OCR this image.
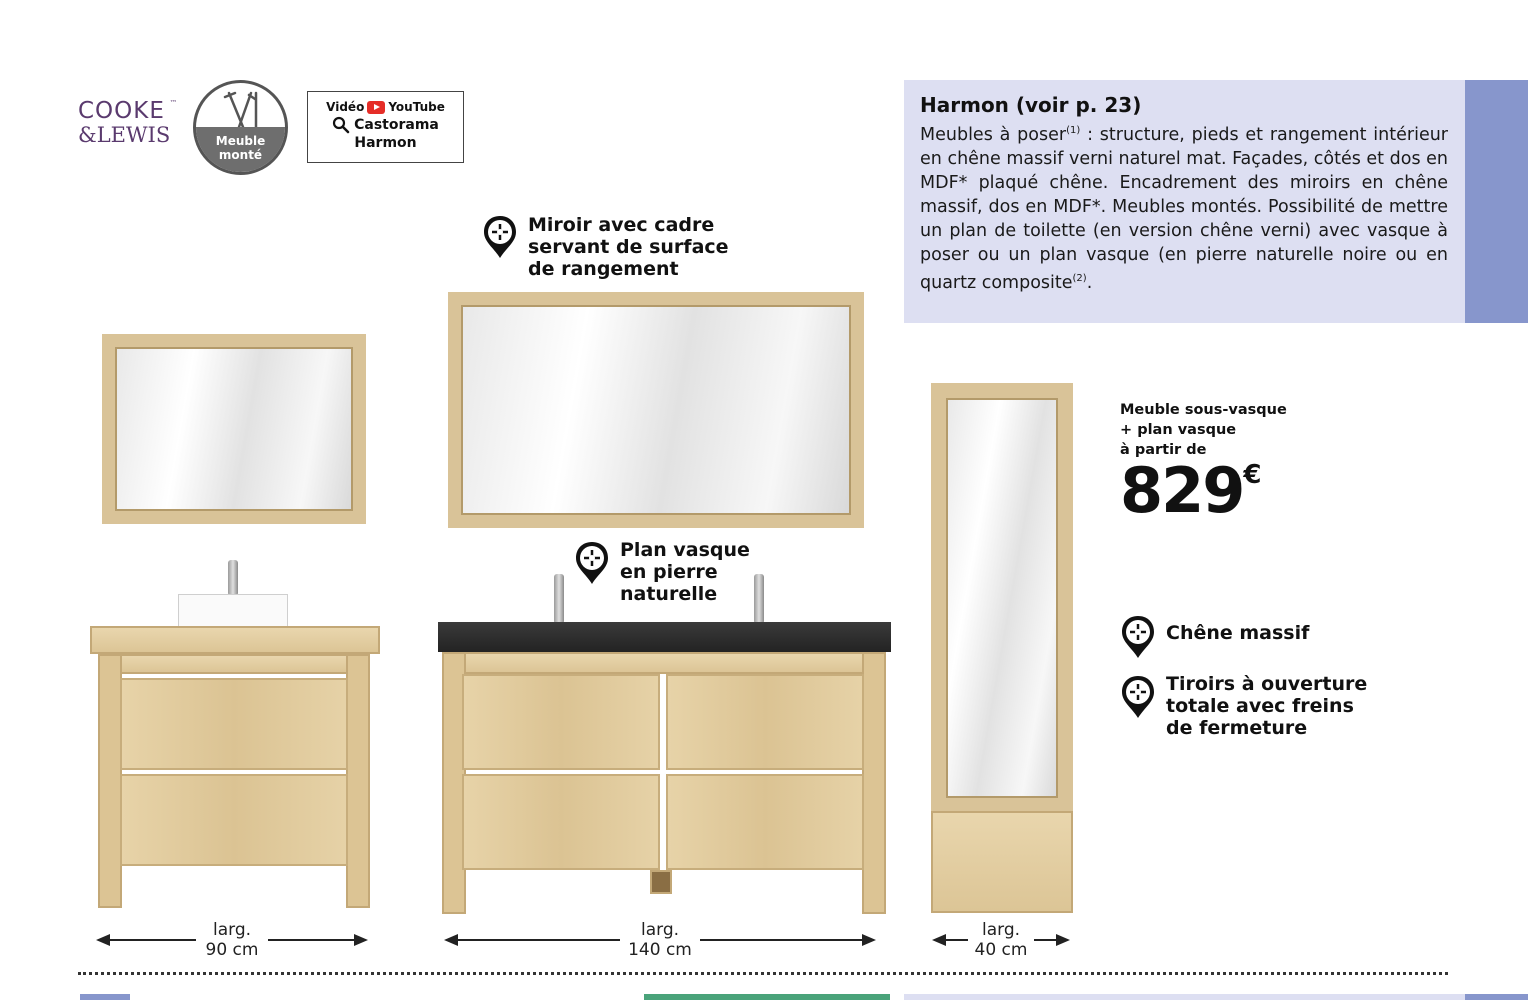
COOKE
&LEWIS
™
Meuble
monté
Vidéo YouTube
Castorama
Harmon
Harmon (voir p. 23)
Meubles à poser$^{(1)}$ : structure, pieds et rangement intérieur en chêne massif verni naturel mat. Façades, côtés et dos en MDF* plaqué chêne. Encadrement des miroirs en chêne massif, dos en MDF*. Meubles montés. Possibilité de mettre un plan de toilette (en version chêne verni) avec vasque à poser ou un plan vasque (en pierre naturelle noire ou en quartz composite$^{(2)}$.
Miroir avec cadre
servant de surface
de rangement
Plan vasque
en pierre
naturelle
Chêne massif
Tiroirs à ouverture
totale avec freins
de fermeture
Meuble sous-vasque
+ plan vasque
à partir de
829€
larg.
90 cm
larg.
140 cm
larg.
40 cm
